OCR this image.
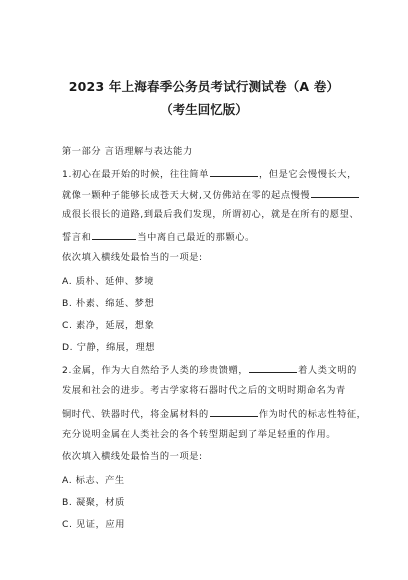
2023 年上海春季公务员考试行测试卷（A 卷）
（考生回忆版）
第一部分 言语理解与表达能力
1.初心在最开始的时候，往往简单	，但是它会慢慢长大，
就像一颗种子能够长成苍天大树,又仿佛站在零的起点慢慢
成很长很长的道路,到最后我们发现，所谓初心，就是在所有的愿望、
誓言和	当中离自己最近的那颗心。
依次填入横线处最恰当的一项是:
A. 质朴、延伸、梦境
B. 朴素、绵延、梦想
C. 素净，延展，想象
D. 宁静，绵展，理想
2.金属，作为大自然给予人类的珍贵馈赠，	着人类文明的
发展和社会的进步。考古学家将石器时代之后的文明时期命名为青
铜时代、铁器时代，将金属材料的	作为时代的标志性特征，
充分说明金属在人类社会的各个转型期起到了举足轻重的作用。
依次填入横线处最恰当的一项是:
A. 标志、产生
B. 凝聚，材质
C. 见证，应用
